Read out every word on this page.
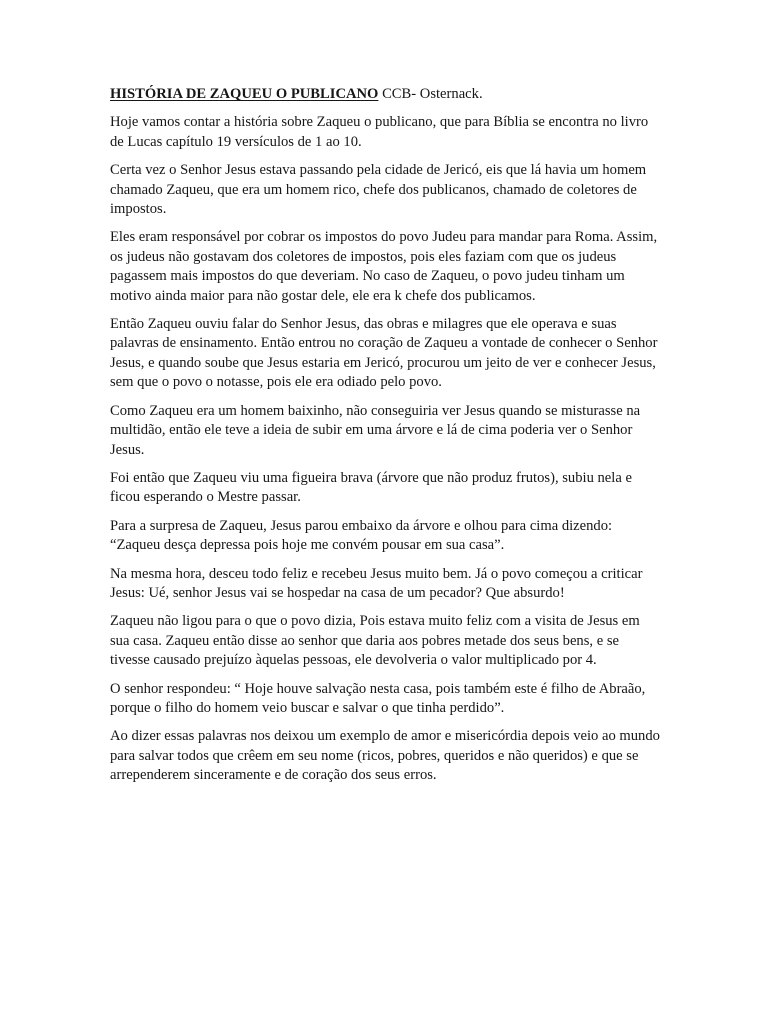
HISTÓRIA DE ZAQUEU O PUBLICANO CCB- Osternack.

Hoje vamos contar a história sobre Zaqueu o publicano, que para Bíblia se encontra no livro de Lucas capítulo 19 versículos de 1 ao 10.

Certa vez o Senhor Jesus estava passando pela cidade de Jericó, eis que lá havia um homem chamado Zaqueu, que era um homem rico, chefe dos publicanos, chamado de coletores de impostos.

Eles eram responsável por cobrar os impostos do povo Judeu para mandar para Roma. Assim, os judeus não gostavam dos coletores de impostos, pois eles faziam com que os judeus pagassem mais impostos do que deveriam. No caso de Zaqueu, o povo judeu tinham um motivo ainda maior para não gostar dele, ele era k chefe dos publicamos.

Então Zaqueu ouviu falar do Senhor Jesus, das obras e milagres que ele operava e suas palavras de ensinamento. Então entrou no coração de Zaqueu a vontade de conhecer o Senhor Jesus, e quando soube que Jesus estaria em Jericó, procurou um jeito de ver e conhecer Jesus, sem que o povo o notasse, pois ele era odiado pelo povo.

Como Zaqueu era um homem baixinho, não conseguiria ver Jesus quando se misturasse na multidão, então ele teve a ideia de subir em uma árvore e lá de cima poderia ver o Senhor Jesus.

Foi então que Zaqueu viu uma figueira brava (árvore que não produz frutos), subiu nela e ficou esperando o Mestre passar.

Para a surpresa de Zaqueu, Jesus parou embaixo da árvore e olhou para cima dizendo: “Zaqueu desça depressa pois hoje me convém pousar em sua casa”.

Na mesma hora, desceu todo feliz e recebeu Jesus muito bem. Já o povo começou a criticar Jesus: Ué, senhor Jesus vai se hospedar na casa de um pecador? Que absurdo!

Zaqueu não ligou para o que o povo dizia, Pois estava muito feliz com a visita de Jesus em sua casa. Zaqueu então disse ao senhor que daria aos pobres metade dos seus bens, e se tivesse causado prejuízo àquelas pessoas, ele devolveria o valor multiplicado por 4.

O senhor respondeu: “ Hoje houve salvação nesta casa, pois também este é filho de Abraão, porque o filho do homem veio buscar e salvar o que tinha perdido”.

Ao dizer essas palavras nos deixou um exemplo de amor e misericórdia depois veio ao mundo para salvar todos que crêem em seu nome (ricos, pobres, queridos e não queridos) e que se arrependerem sinceramente e de coração dos seus erros.
